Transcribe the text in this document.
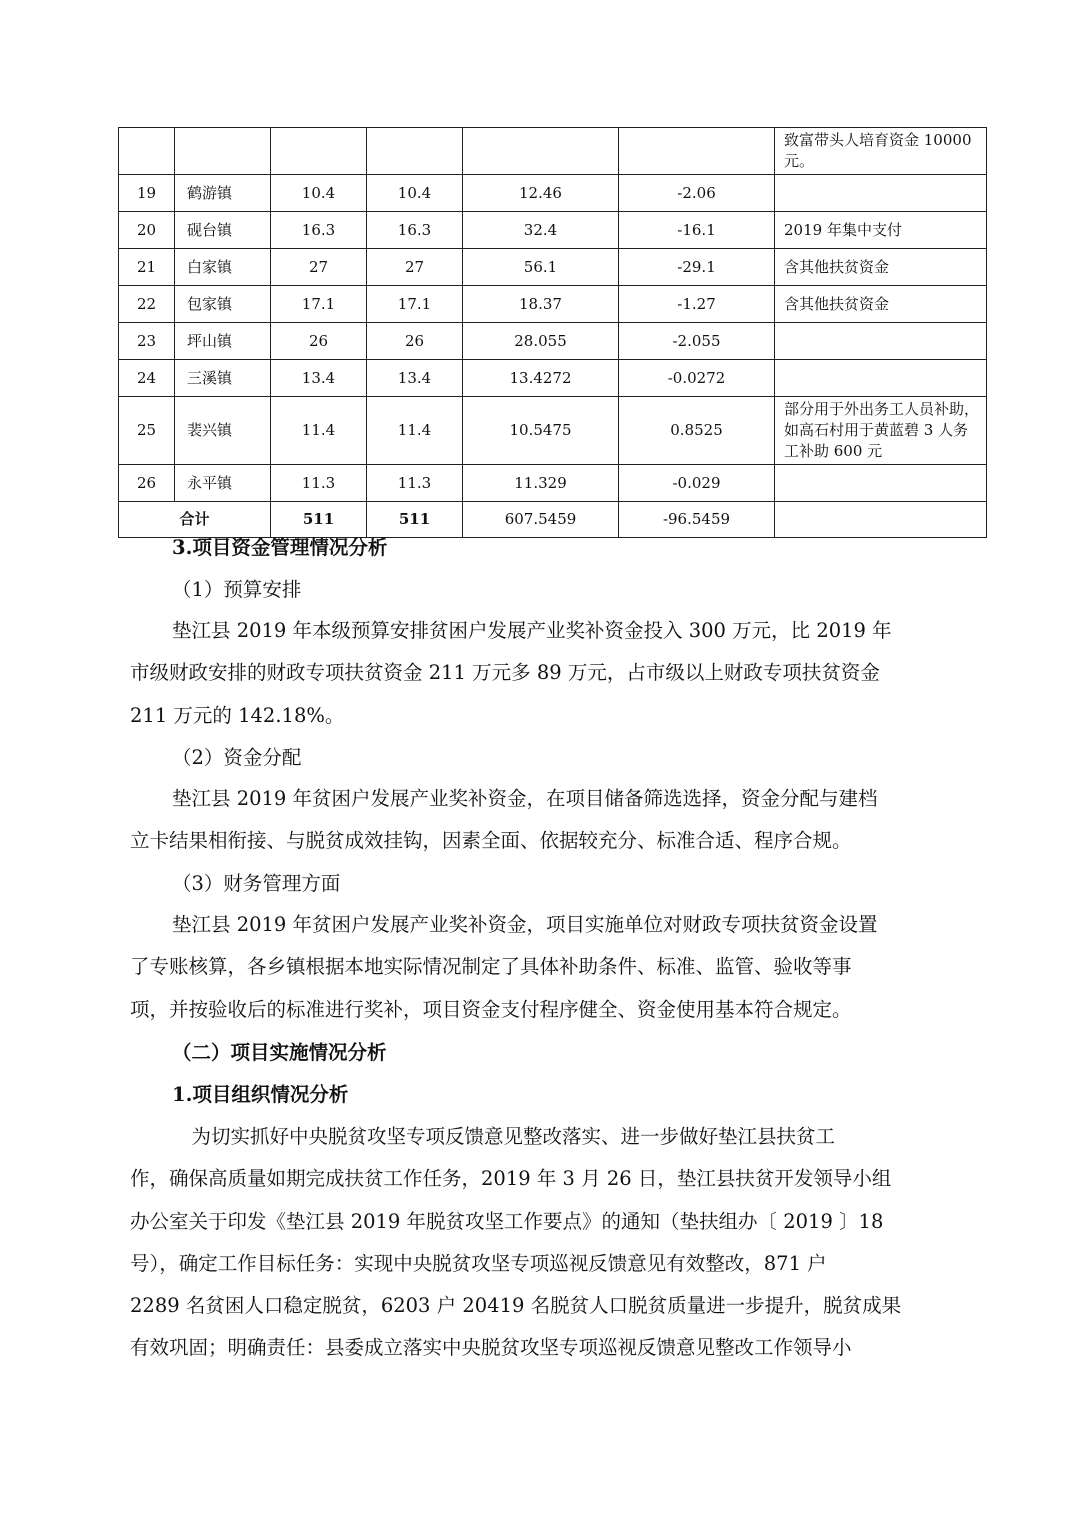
						致富带头人培育资金 10000 元。
19	鹤游镇	10.4	10.4	12.46	-2.06	
20	砚台镇	16.3	16.3	32.4	-16.1	2019 年集中支付
21	白家镇	27	27	56.1	-29.1	含其他扶贫资金
22	包家镇	17.1	17.1	18.37	-1.27	含其他扶贫资金
23	坪山镇	26	26	28.055	-2.055	
24	三溪镇	13.4	13.4	13.4272	-0.0272	
25	裴兴镇	11.4	11.4	10.5475	0.8525	部分用于外出务工人员补助，如高石村用于黄蓝碧 3 人务工补助 600 元
26	永平镇	11.3	11.3	11.329	-0.029	
合计		511	511	607.5459	-96.5459	
3.项目资金管理情况分析
（1）预算安排
垫江县 2019 年本级预算安排贫困户发展产业奖补资金投入 300 万元，比 2019 年
市级财政安排的财政专项扶贫资金 211 万元多 89 万元，占市级以上财政专项扶贫资金
211 万元的 142.18%。
（2）资金分配
垫江县 2019 年贫困户发展产业奖补资金，在项目储备筛选选择，资金分配与建档
立卡结果相衔接、与脱贫成效挂钩，因素全面、依据较充分、标准合适、程序合规。
（3）财务管理方面
垫江县 2019 年贫困户发展产业奖补资金，项目实施单位对财政专项扶贫资金设置
了专账核算，各乡镇根据本地实际情况制定了具体补助条件、标准、监管、验收等事
项，并按验收后的标准进行奖补，项目资金支付程序健全、资金使用基本符合规定。
（二）项目实施情况分析
1.项目组织情况分析
　为切实抓好中央脱贫攻坚专项反馈意见整改落实、进一步做好垫江县扶贫工
作，确保高质量如期完成扶贫工作任务，2019 年 3 月 26 日，垫江县扶贫开发领导小组
办公室关于印发《垫江县 2019 年脱贫攻坚工作要点》的通知（垫扶组办〔 2019 〕18
号），确定工作目标任务：实现中央脱贫攻坚专项巡视反馈意见有效整改，871 户
2289 名贫困人口稳定脱贫，6203 户 20419 名脱贫人口脱贫质量进一步提升，脱贫成果
有效巩固；明确责任：县委成立落实中央脱贫攻坚专项巡视反馈意见整改工作领导小
